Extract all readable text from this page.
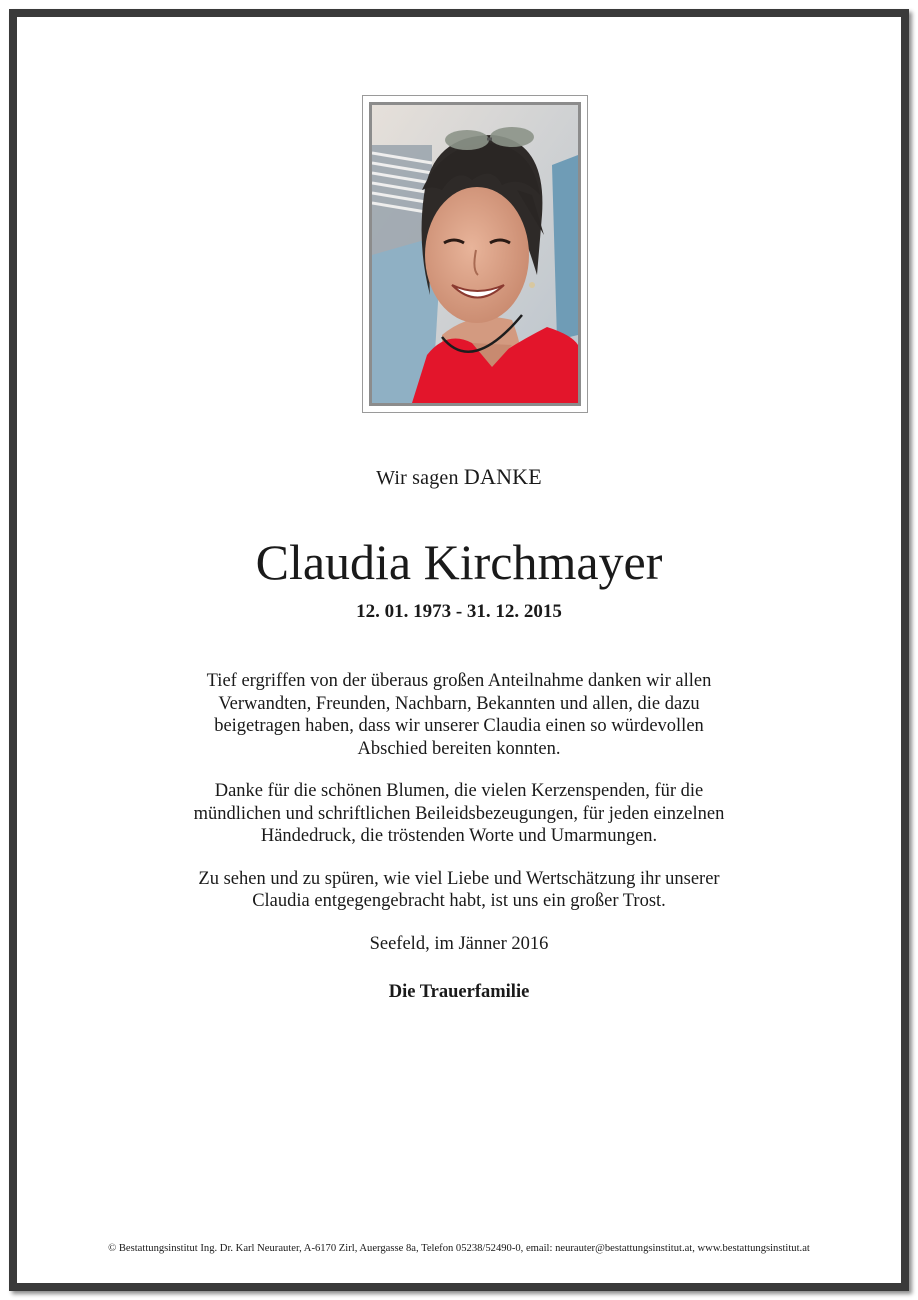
Wir sagen DANKE
Claudia Kirchmayer
12. 01. 1973 - 31. 12. 2015

Tief ergriffen von der überaus großen Anteilnahme danken wir allen
Verwandten, Freunden, Nachbarn, Bekannten und allen, die dazu
beigetragen haben, dass wir unserer Claudia einen so würdevollen
Abschied bereiten konnten.

Danke für die schönen Blumen, die vielen Kerzenspenden, für die
mündlichen und schriftlichen Beileidsbezeugungen, für jeden einzelnen
Händedruck, die tröstenden Worte und Umarmungen.

Zu sehen und zu spüren, wie viel Liebe und Wertschätzung ihr unserer
Claudia entgegengebracht habt, ist uns ein großer Trost.

Seefeld, im Jänner 2016
Die Trauerfamilie
© Bestattungsinstitut Ing. Dr. Karl Neurauter, A-6170 Zirl, Auergasse 8a, Telefon 05238/52490-0, email: neurauter@bestattungsinstitut.at, www.bestattungsinstitut.at
